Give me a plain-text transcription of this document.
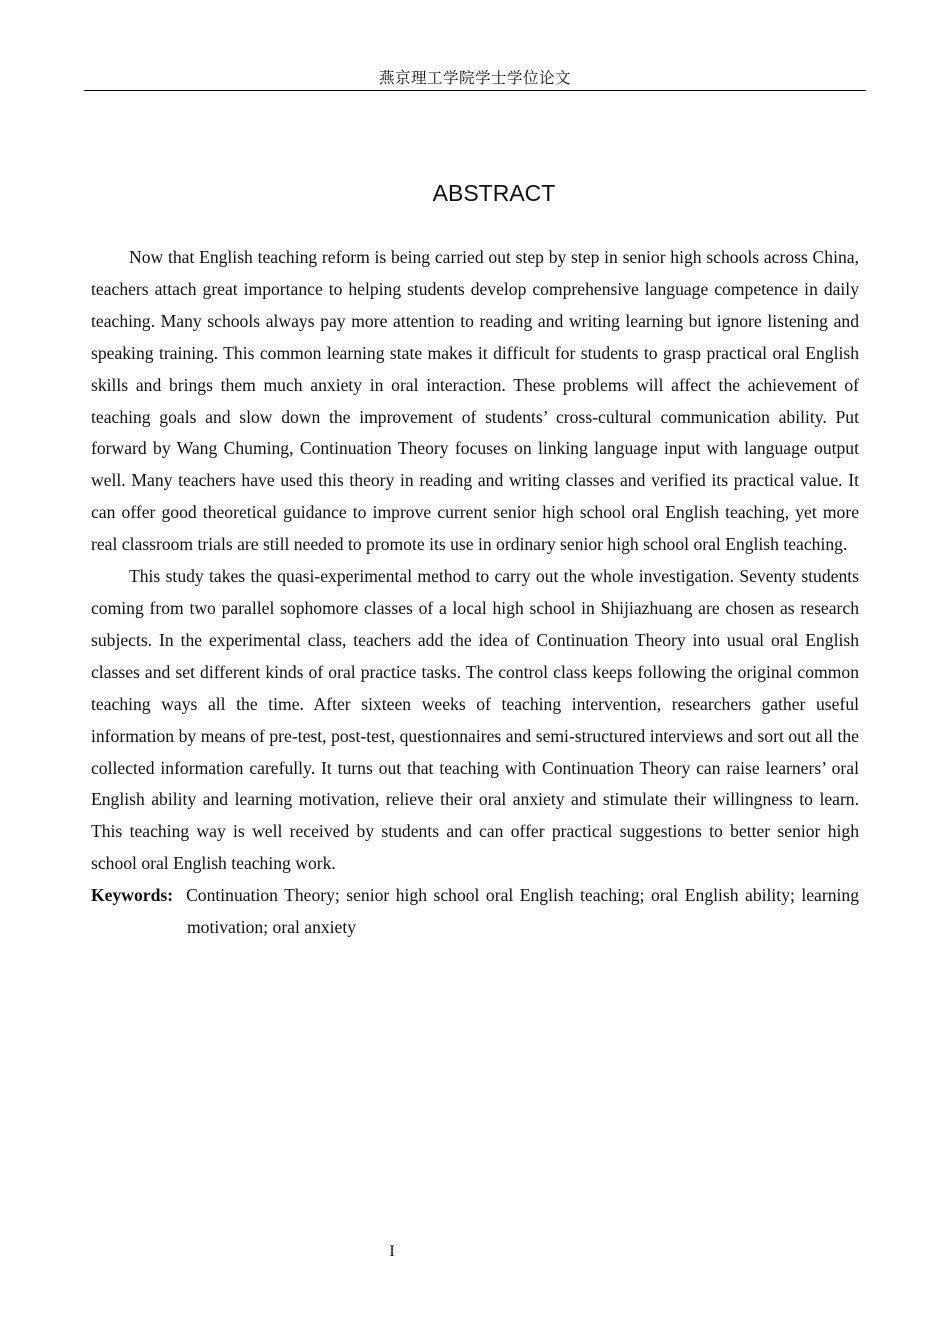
燕京理工学院学士学位论文
ABSTRACT

Now that English teaching reform is being carried out step by step in senior high schools across China, teachers attach great importance to helping students develop comprehensive language competence in daily teaching. Many schools always pay more attention to reading and writing learning but ignore listening and speaking training. This common learning state makes it difficult for students to grasp practical oral English skills and brings them much anxiety in oral interaction. These problems will affect the achievement of teaching goals and slow down the improvement of students’ cross-cultural communication ability. Put forward by Wang Chuming, Continuation Theory focuses on linking language input with language output well. Many teachers have used this theory in reading and writing classes and verified its practical value. It can offer good theoretical guidance to improve current senior high school oral English teaching, yet more real classroom trials are still needed to promote its use in ordinary senior high school oral English teaching.

This study takes the quasi-experimental method to carry out the whole investigation. Seventy students coming from two parallel sophomore classes of a local high school in Shijiazhuang are chosen as research subjects. In the experimental class, teachers add the idea of Continuation Theory into usual oral English classes and set different kinds of oral practice tasks. The control class keeps following the original common teaching ways all the time. After sixteen weeks of teaching intervention, researchers gather useful information by means of pre-test, post-test, questionnaires and semi-structured interviews and sort out all the collected information carefully. It turns out that teaching with Continuation Theory can raise learners’ oral English ability and learning motivation, relieve their oral anxiety and stimulate their willingness to learn. This teaching way is well received by students and can offer practical suggestions to better senior high school oral English teaching work.

Keywords: Continuation Theory; senior high school oral English teaching; oral English ability; learning motivation; oral anxiety

I
